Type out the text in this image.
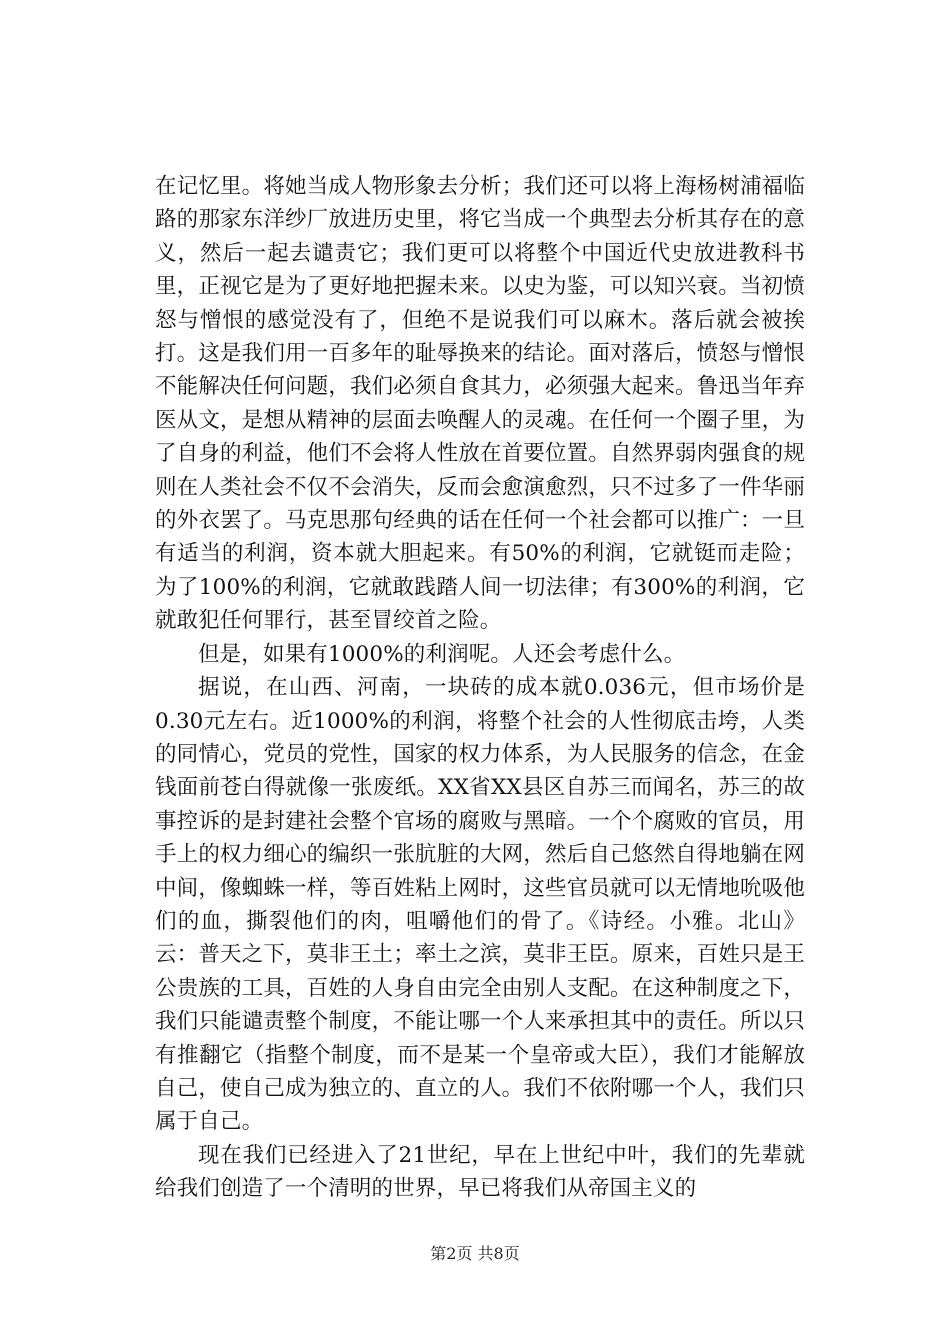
在记忆里。将她当成人物形象去分析；我们还可以将上海杨树浦福临路的那家东洋纱厂放进历史里，将它当成一个典型去分析其存在的意义，然后一起去谴责它；我们更可以将整个中国近代史放进教科书里，正视它是为了更好地把握未来。以史为鉴，可以知兴衰。当初愤怒与憎恨的感觉没有了，但绝不是说我们可以麻木。落后就会被挨打。这是我们用一百多年的耻辱换来的结论。面对落后，愤怒与憎恨不能解决任何问题，我们必须自食其力，必须强大起来。鲁迅当年弃医从文，是想从精神的层面去唤醒人的灵魂。在任何一个圈子里，为了自身的利益，他们不会将人性放在首要位置。自然界弱肉强食的规则在人类社会不仅不会消失，反而会愈演愈烈，只不过多了一件华丽的外衣罢了。马克思那句经典的话在任何一个社会都可以推广：一旦有适当的利润，资本就大胆起来。有50%的利润，它就铤而走险；为了100%的利润，它就敢践踏人间一切法律；有300%的利润，它就敢犯任何罪行，甚至冒绞首之险。

但是，如果有1000%的利润呢。人还会考虑什么。

据说，在山西、河南，一块砖的成本就0.036元，但市场价是0.30元左右。近1000%的利润，将整个社会的人性彻底击垮，人类的同情心，党员的党性，国家的权力体系，为人民服务的信念，在金钱面前苍白得就像一张废纸。XX省XX县区自苏三而闻名，苏三的故事控诉的是封建社会整个官场的腐败与黑暗。一个个腐败的官员，用手上的权力细心的编织一张肮脏的大网，然后自己悠然自得地躺在网中间，像蜘蛛一样，等百姓粘上网时，这些官员就可以无情地吮吸他们的血，撕裂他们的肉，咀嚼他们的骨了。《诗经。小雅。北山》云：普天之下，莫非王土；率土之滨，莫非王臣。原来，百姓只是王公贵族的工具，百姓的人身自由完全由别人支配。在这种制度之下，我们只能谴责整个制度，不能让哪一个人来承担其中的责任。所以只有推翻它（指整个制度，而不是某一个皇帝或大臣），我们才能解放自己，使自己成为独立的、直立的人。我们不依附哪一个人，我们只属于自己。

现在我们已经进入了21世纪，早在上世纪中叶，我们的先辈就给我们创造了一个清明的世界，早已将我们从帝国主义的

第2页 共8页
